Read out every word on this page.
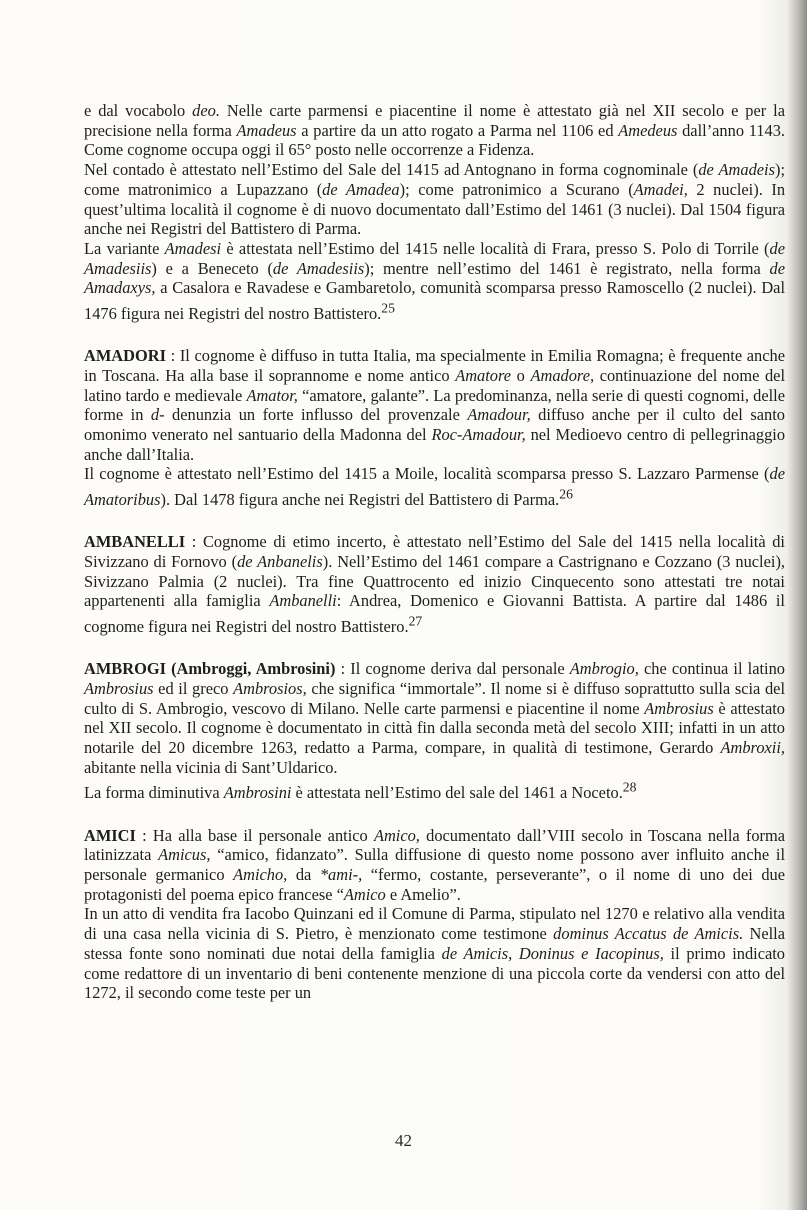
e dal vocabolo deo. Nelle carte parmensi e piacentine il nome è attestato già nel XII secolo e per la precisione nella forma Amadeus a partire da un atto rogato a Parma nel 1106 ed Amedeus dall’anno 1143. Come cognome occupa oggi il 65° posto nelle occorrenze a Fidenza.

Nel contado è attestato nell’Estimo del Sale del 1415 ad Antognano in forma cognominale (de Amadeis); come matronimico a Lupazzano (de Amadea); come patronimico a Scurano (Amadei, 2 nuclei). In quest’ultima località il cognome è di nuovo documentato dall’Estimo del 1461 (3 nuclei). Dal 1504 figura anche nei Registri del Battistero di Parma.

La variante Amadesi è attestata nell’Estimo del 1415 nelle località di Frara, presso S. Polo di Torrile (de Amadesiis) e a Beneceto (de Amadesiis); mentre nell’estimo del 1461 è registrato, nella forma de Amadaxys, a Casalora e Ravadese e Gambaretolo, comunità scomparsa presso Ramoscello (2 nuclei). Dal 1476 figura nei Registri del nostro Battistero.$^{25}$

AMADORI : Il cognome è diffuso in tutta Italia, ma specialmente in Emilia Romagna; è frequente anche in Toscana. Ha alla base il soprannome e nome antico Amatore o Amadore, continuazione del nome del latino tardo e medievale Amator, “amatore, galante”. La predominanza, nella serie di questi cognomi, delle forme in d- denunzia un forte influsso del provenzale Amadour, diffuso anche per il culto del santo omonimo venerato nel santuario della Madonna del Roc-Amadour, nel Medioevo centro di pellegrinaggio anche dall’Italia.

Il cognome è attestato nell’Estimo del 1415 a Moile, località scomparsa presso S. Lazzaro Parmense (de Amatoribus). Dal 1478 figura anche nei Registri del Battistero di Parma.$^{26}$

AMBANELLI : Cognome di etimo incerto, è attestato nell’Estimo del Sale del 1415 nella località di Sivizzano di Fornovo (de Anbanelis). Nell’Estimo del 1461 compare a Castrignano e Cozzano (3 nuclei), Sivizzano Palmia (2 nuclei). Tra fine Quattrocento ed inizio Cinquecento sono attestati tre notai appartenenti alla famiglia Ambanelli: Andrea, Domenico e Giovanni Battista. A partire dal 1486 il cognome figura nei Registri del nostro Battistero.$^{27}$

AMBROGI (Ambroggi, Ambrosini) : Il cognome deriva dal personale Ambrogio, che continua il latino Ambrosius ed il greco Ambrosios, che significa “immortale”. Il nome si è diffuso soprattutto sulla scia del culto di S. Ambrogio, vescovo di Milano. Nelle carte parmensi e piacentine il nome Ambrosius è attestato nel XII secolo. Il cognome è documentato in città fin dalla seconda metà del secolo XIII; infatti in un atto notarile del 20 dicembre 1263, redatto a Parma, compare, in qualità di testimone, Gerardo Ambroxii, abitante nella vicinia di Sant’Uldarico.

La forma diminutiva Ambrosini è attestata nell’Estimo del sale del 1461 a Noceto.$^{28}$

AMICI : Ha alla base il personale antico Amico, documentato dall’VIII secolo in Toscana nella forma latinizzata Amicus, “amico, fidanzato”. Sulla diffusione di questo nome possono aver influito anche il personale germanico Amicho, da *ami-, “fermo, costante, perseverante”, o il nome di uno dei due protagonisti del poema epico francese “Amico e Amelio”.

In un atto di vendita fra Iacobo Quinzani ed il Comune di Parma, stipulato nel 1270 e relativo alla vendita di una casa nella vicinia di S. Pietro, è menzionato come testimone dominus Accatus de Amicis. Nella stessa fonte sono nominati due notai della famiglia de Amicis, Doninus e Iacopinus, il primo indicato come redattore di un inventario di beni contenente menzione di una piccola corte da vendersi con atto del 1272, il secondo come teste per un

42
